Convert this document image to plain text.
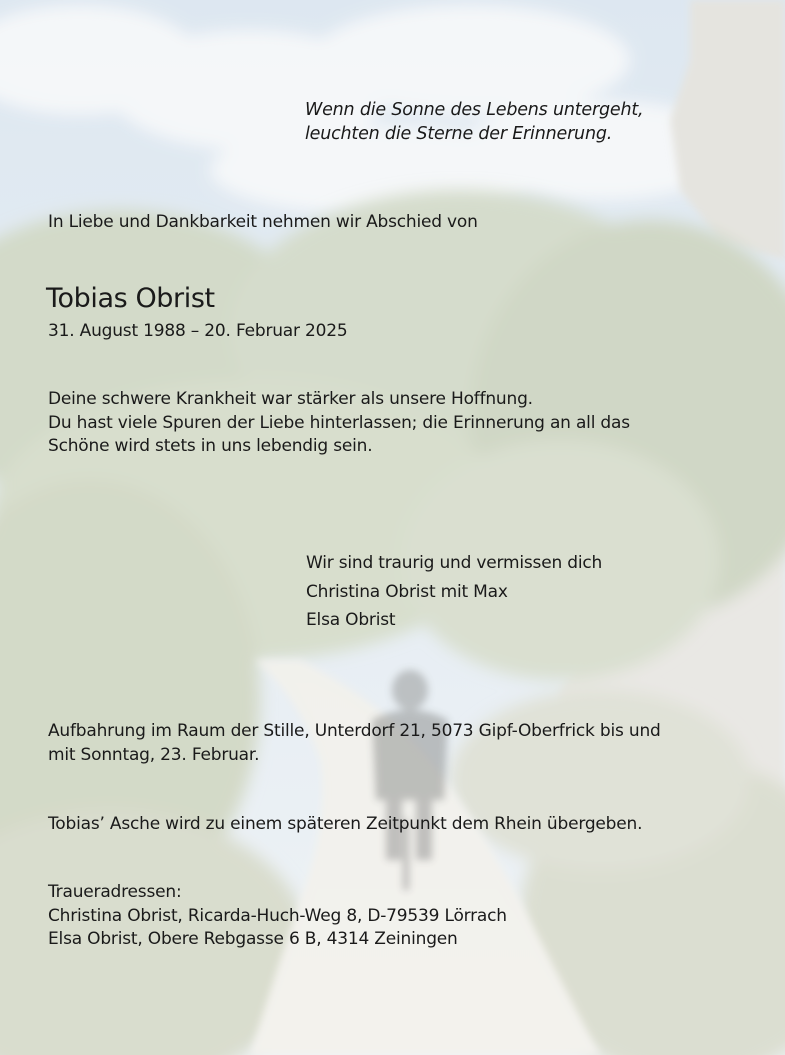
Wenn die Sonne des Lebens untergeht,
leuchten die Sterne der Erinnerung.
In Liebe und Dankbarkeit nehmen wir Abschied von
Tobias Obrist
31. August 1988 – 20. Februar 2025
Deine schwere Krankheit war stärker als unsere Hoffnung.
Du hast viele Spuren der Liebe hinterlassen; die Erinnerung an all das
Schöne wird stets in uns lebendig sein.
Wir sind traurig und vermissen dich
Christina Obrist mit Max
Elsa Obrist
Aufbahrung im Raum der Stille, Unterdorf 21, 5073 Gipf-Oberfrick bis und
mit Sonntag, 23. Februar.
Tobias’ Asche wird zu einem späteren Zeitpunkt dem Rhein übergeben.
Traueradressen:
Christina Obrist, Ricarda-Huch-Weg 8, D-79539 Lörrach
Elsa Obrist, Obere Rebgasse 6 B, 4314 Zeiningen
